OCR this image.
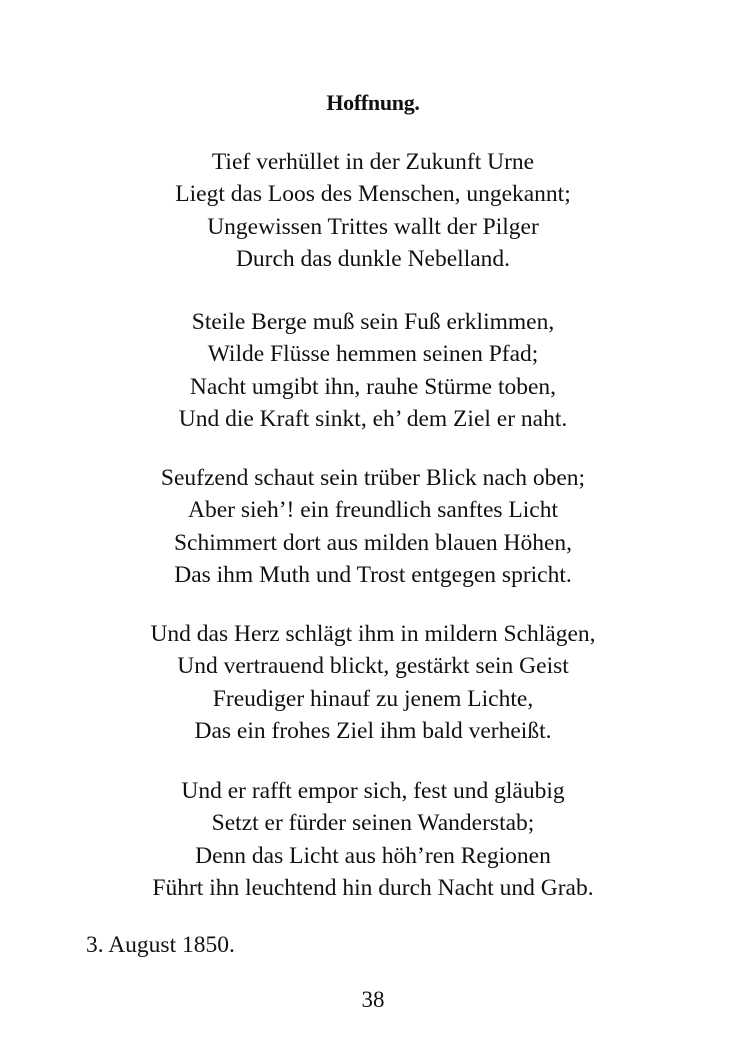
Hoffnung.
Tief verhüllet in der Zukunft Urne
Liegt das Loos des Menschen, ungekannt;
Ungewissen Trittes wallt der Pilger
Durch das dunkle Nebelland.
Steile Berge muß sein Fuß erklimmen,
Wilde Flüsse hemmen seinen Pfad;
Nacht umgibt ihn, rauhe Stürme toben,
Und die Kraft sinkt, eh’ dem Ziel er naht.
Seufzend schaut sein trüber Blick nach oben;
Aber sieh’! ein freundlich sanftes Licht
Schimmert dort aus milden blauen Höhen,
Das ihm Muth und Trost entgegen spricht.
Und das Herz schlägt ihm in mildern Schlägen,
Und vertrauend blickt, gestärkt sein Geist
Freudiger hinauf zu jenem Lichte,
Das ein frohes Ziel ihm bald verheißt.
Und er rafft empor sich, fest und gläubig
Setzt er fürder seinen Wanderstab;
Denn das Licht aus höh’ren Regionen
Führt ihn leuchtend hin durch Nacht und Grab.
3. August 1850.
38
